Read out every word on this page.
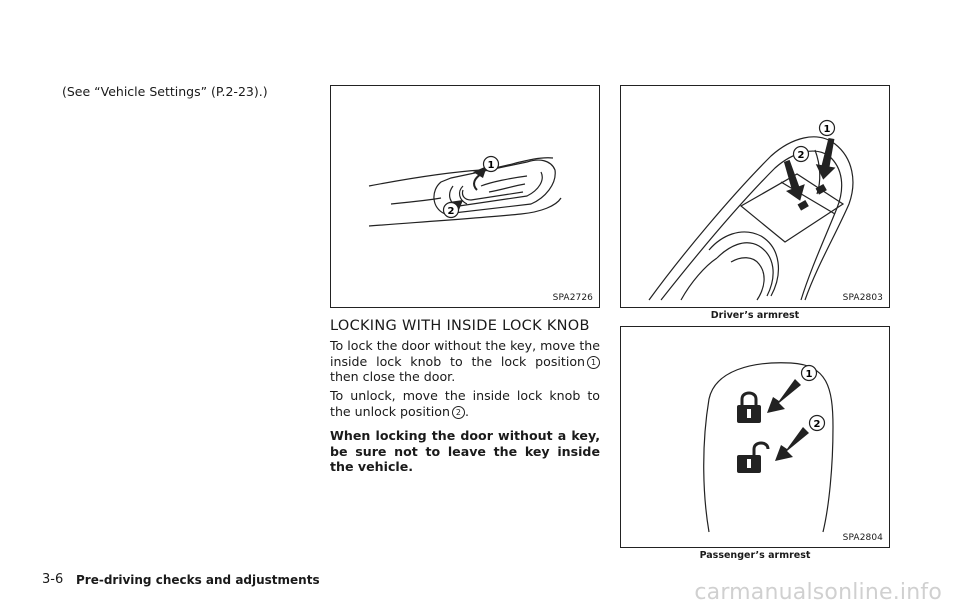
(See “Vehicle Settings” (P.2-23).)
1
2
SPA2726
LOCKING WITH INSIDE LOCK KNOB

To lock the door without the key, move the inside lock knob to the lock position 1 then close the door.

To unlock, move the inside lock knob to the unlock position 2 .

When locking the door without a key, be sure not to leave the key inside the vehicle.

1
2
SPA2803
Driver’s armrest
1
2
SPA2804
Passenger’s armrest
3-6 Pre-driving checks and adjustments	carmanualsonline.info
